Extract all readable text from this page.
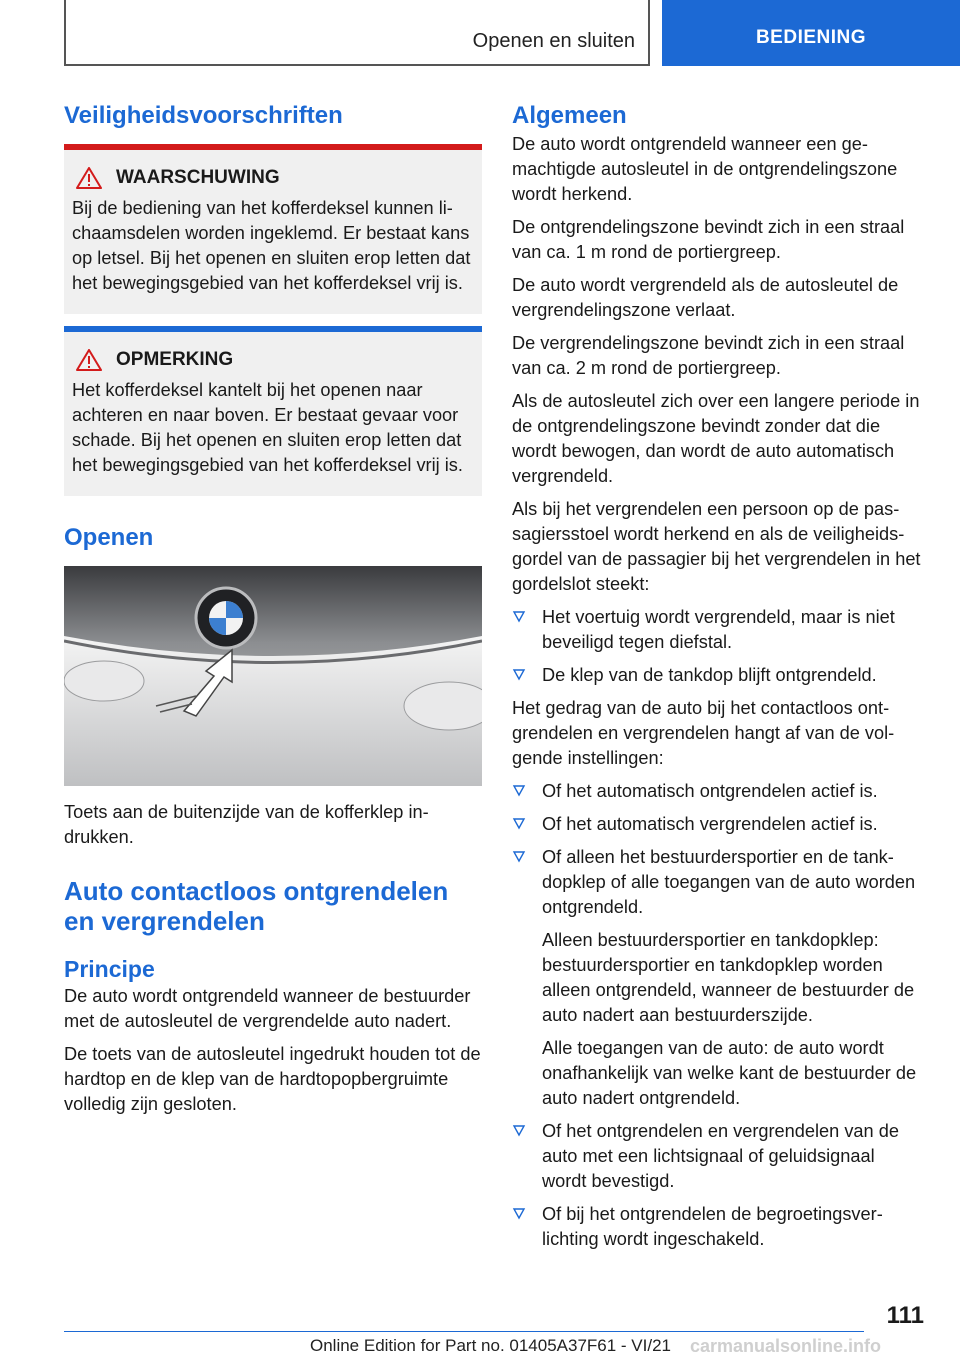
Openen en sluiten	BEDIENING
Veiligheidsvoorschriften
WAARSCHUWING

Bij de bediening van het kofferdeksel kunnen lichaamsdelen worden ingeklemd. Er bestaat kans op letsel. Bij het openen en sluiten erop letten dat het bewegingsgebied van het kofferdeksel vrij is.

OPMERKING

Het kofferdeksel kantelt bij het openen naar achteren en naar boven. Er bestaat gevaar voor schade. Bij het openen en sluiten erop letten dat het bewegingsgebied van het kofferdeksel vrij is.

Openen

Toets aan de buitenzijde van de kofferklep indrukken.

Auto contactloos ontgrendelen en vergrendelen
Principe

De auto wordt ontgrendeld wanneer de bestuurder met de autosleutel de vergrendelde auto nadert.

De toets van de autosleutel ingedrukt houden tot de hardtop en de klep van de hardtopopbergruimte volledig zijn gesloten.

Algemeen

De auto wordt ontgrendeld wanneer een gemachtigde autosleutel in de ontgrendelingszone wordt herkend.

De ontgrendelingszone bevindt zich in een straal van ca. 1 m rond de portiergreep.

De auto wordt vergrendeld als de autosleutel de vergrendelingszone verlaat.

De vergrendelingszone bevindt zich in een straal van ca. 2 m rond de portiergreep.

Als de autosleutel zich over een langere periode in de ontgrendelingszone bevindt zonder dat die wordt bewogen, dan wordt de auto automatisch vergrendeld.

Als bij het vergrendelen een persoon op de passagiersstoel wordt herkend en als de veiligheidsgordel van de passagier bij het vergrendelen in het gordelslot steekt:

Het voertuig wordt vergrendeld, maar is niet beveiligd tegen diefstal.
De klep van de tankdop blijft ontgrendeld.

Het gedrag van de auto bij het contactloos ontgrendelen en vergrendelen hangt af van de volgende instellingen:

Of het automatisch ontgrendelen actief is.
Of het automatisch vergrendelen actief is.
Of alleen het bestuurdersportier en de tankdopklep of alle toegangen van de auto worden ontgrendeld.

Alleen bestuurdersportier en tankdopklep: bestuurdersportier en tankdopklep worden alleen ontgrendeld, wanneer de bestuurder de auto nadert aan bestuurderszijde.

Alle toegangen van de auto: de auto wordt onafhankelijk van welke kant de bestuurder de auto nadert ontgrendeld.

Of het ontgrendelen en vergrendelen van de auto met een lichtsignaal of geluidsignaal wordt bevestigd.
Of bij het ontgrendelen de begroetingsverlichting wordt ingeschakeld.
111
Online Edition for Part no. 01405A37F61 - VI/21 carmanualsonline.info
